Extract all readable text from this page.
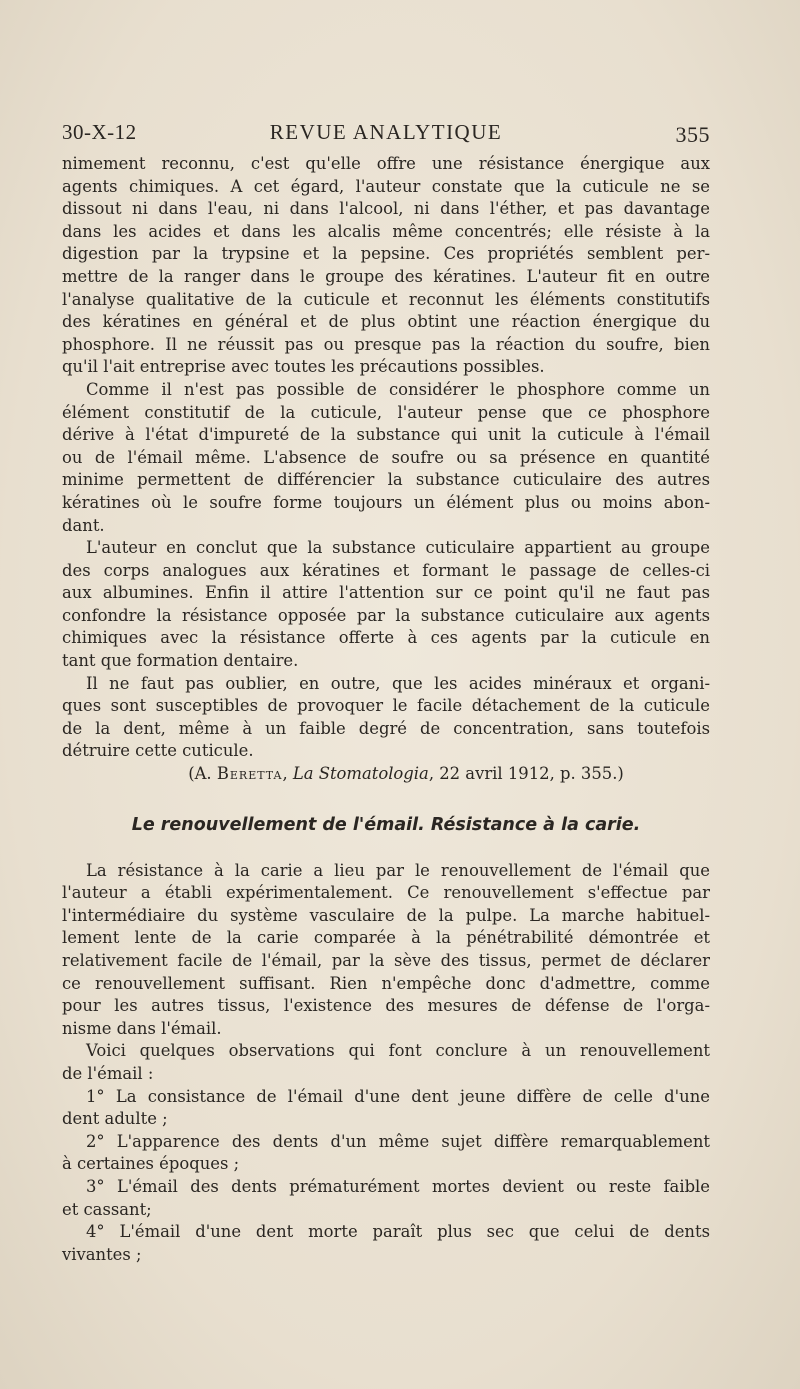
30-X-12	REVUE ANALYTIQUE	355
nimement reconnu, c'est qu'elle offre une résistance énergique aux
agents chimiques. A cet égard, l'auteur constate que la cuticule ne se
dissout ni dans l'eau, ni dans l'alcool, ni dans l'éther, et pas davantage
dans les acides et dans les alcalis même concentrés; elle résiste à la
digestion par la trypsine et la pepsine. Ces propriétés semblent per-
mettre de la ranger dans le groupe des kératines. L'auteur fit en outre
l'analyse qualitative de la cuticule et reconnut les éléments constitutifs
des kératines en général et de plus obtint une réaction énergique du
phosphore. Il ne réussit pas ou presque pas la réaction du soufre, bien
qu'il l'ait entreprise avec toutes les précautions possibles.
Comme il n'est pas possible de considérer le phosphore comme un
élément constitutif de la cuticule, l'auteur pense que ce phosphore
dérive à l'état d'impureté de la substance qui unit la cuticule à l'émail
ou de l'émail même. L'absence de soufre ou sa présence en quantité
minime permettent de différencier la substance cuticulaire des autres
kératines où le soufre forme toujours un élément plus ou moins abon-
dant.
L'auteur en conclut que la substance cuticulaire appartient au groupe
des corps analogues aux kératines et formant le passage de celles-ci
aux albumines. Enfin il attire l'attention sur ce point qu'il ne faut pas
confondre la résistance opposée par la substance cuticulaire aux agents
chimiques avec la résistance offerte à ces agents par la cuticule en
tant que formation dentaire.
Il ne faut pas oublier, en outre, que les acides minéraux et organi-
ques sont susceptibles de provoquer le facile détachement de la cuticule
de la dent, même à un faible degré de concentration, sans toutefois
détruire cette cuticule.
(A. Beretta, La Stomatologia, 22 avril 1912, p. 355.)
Le renouvellement de l'émail. Résistance à la carie.
La résistance à la carie a lieu par le renouvellement de l'émail que
l'auteur a établi expérimentalement. Ce renouvellement s'effectue par
l'intermédiaire du système vasculaire de la pulpe. La marche habituel-
lement lente de la carie comparée à la pénétrabilité démontrée et
relativement facile de l'émail, par la sève des tissus, permet de déclarer
ce renouvellement suffisant. Rien n'empêche donc d'admettre, comme
pour les autres tissus, l'existence des mesures de défense de l'orga-
nisme dans l'émail.
Voici quelques observations qui font conclure à un renouvellement
de l'émail :
1° La consistance de l'émail d'une dent jeune diffère de celle d'une
dent adulte ;
2° L'apparence des dents d'un même sujet diffère remarquablement
à certaines époques ;
3° L'émail des dents prématurément mortes devient ou reste faible
et cassant;
4° L'émail d'une dent morte paraît plus sec que celui de dents
vivantes ;
